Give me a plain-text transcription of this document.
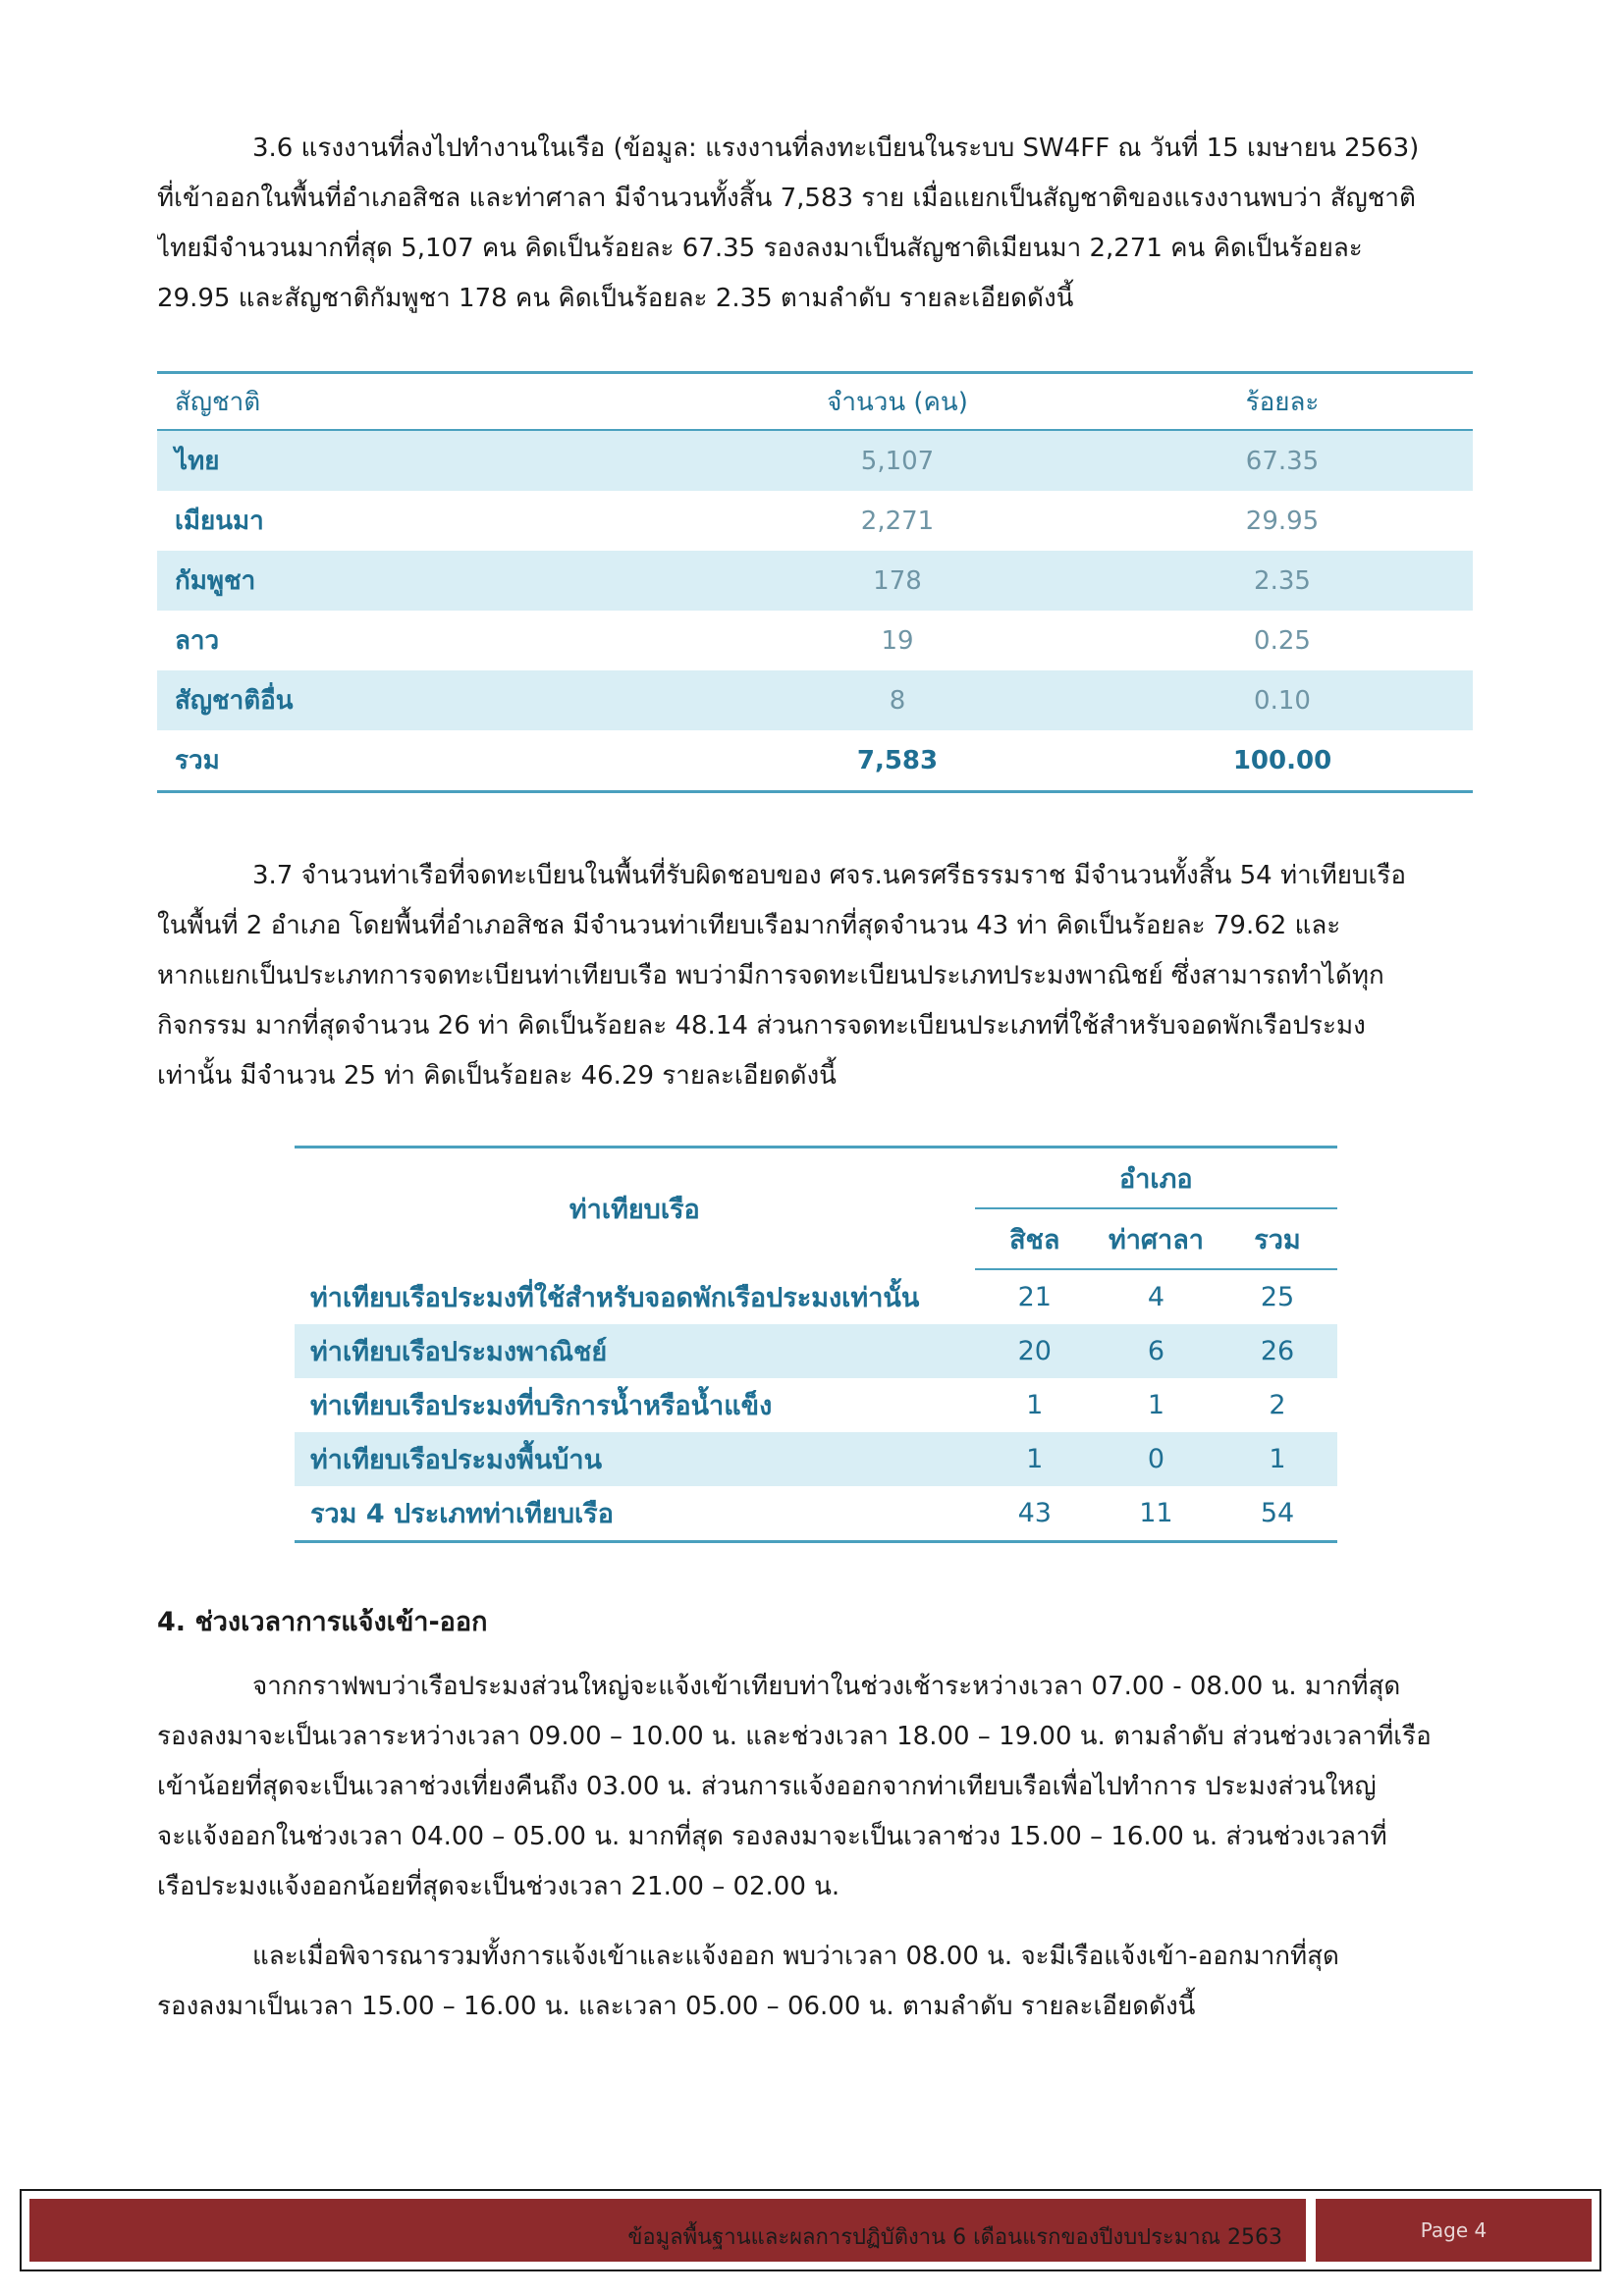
3.6 แรงงานที่ลงไปทำงานในเรือ (ข้อมูล: แรงงานที่ลงทะเบียนในระบบ SW4FF ณ วันที่ 15 เมษายน 2563)
ที่เข้าออกในพื้นที่อำเภอสิชล และท่าศาลา มีจำนวนทั้งสิ้น 7,583 ราย เมื่อแยกเป็นสัญชาติของแรงงานพบว่า สัญชาติ
ไทยมีจำนวนมากที่สุด 5,107 คน คิดเป็นร้อยละ 67.35 รองลงมาเป็นสัญชาติเมียนมา 2,271 คน คิดเป็นร้อยละ
29.95 และสัญชาติกัมพูชา 178 คน คิดเป็นร้อยละ 2.35 ตามลำดับ รายละเอียดดังนี้
สัญชาติ	จำนวน (คน)	ร้อยละ
ไทย	5,107	67.35
เมียนมา	2,271	29.95
กัมพูชา	178	2.35
ลาว	19	0.25
สัญชาติอื่น	8	0.10
รวม	7,583	100.00
3.7 จำนวนท่าเรือที่จดทะเบียนในพื้นที่รับผิดชอบของ ศจร.นครศรีธรรมราช มีจำนวนทั้งสิ้น 54 ท่าเทียบเรือ
ในพื้นที่ 2 อำเภอ โดยพื้นที่อำเภอสิชล มีจำนวนท่าเทียบเรือมากที่สุดจำนวน 43 ท่า คิดเป็นร้อยละ 79.62 และ
หากแยกเป็นประเภทการจดทะเบียนท่าเทียบเรือ พบว่ามีการจดทะเบียนประเภทประมงพาณิชย์ ซึ่งสามารถทำได้ทุก
กิจกรรม มากที่สุดจำนวน 26 ท่า คิดเป็นร้อยละ 48.14 ส่วนการจดทะเบียนประเภทที่ใช้สำหรับจอดพักเรือประมง
เท่านั้น มีจำนวน 25 ท่า คิดเป็นร้อยละ 46.29 รายละเอียดดังนี้
ท่าเทียบเรือ	อำเภอ		
	สิชล	ท่าศาลา	รวม
ท่าเทียบเรือประมงที่ใช้สำหรับจอดพักเรือประมงเท่านั้น	21	4	25
ท่าเทียบเรือประมงพาณิชย์	20	6	26
ท่าเทียบเรือประมงที่บริการน้ำหรือน้ำแข็ง	1	1	2
ท่าเทียบเรือประมงพื้นบ้าน	1	0	1
รวม 4 ประเภทท่าเทียบเรือ	43	11	54
4. ช่วงเวลาการแจ้งเข้า-ออก
จากกราฟพบว่าเรือประมงส่วนใหญ่จะแจ้งเข้าเทียบท่าในช่วงเช้าระหว่างเวลา 07.00 - 08.00 น. มากที่สุด
รองลงมาจะเป็นเวลาระหว่างเวลา 09.00 – 10.00 น. และช่วงเวลา 18.00 – 19.00 น. ตามลำดับ ส่วนช่วงเวลาที่เรือ
เข้าน้อยที่สุดจะเป็นเวลาช่วงเที่ยงคืนถึง 03.00 น. ส่วนการแจ้งออกจากท่าเทียบเรือเพื่อไปทำการ ประมงส่วนใหญ่
จะแจ้งออกในช่วงเวลา 04.00 – 05.00 น. มากที่สุด รองลงมาจะเป็นเวลาช่วง 15.00 – 16.00 น. ส่วนช่วงเวลาที่
เรือประมงแจ้งออกน้อยที่สุดจะเป็นช่วงเวลา 21.00 – 02.00 น.
และเมื่อพิจารณารวมทั้งการแจ้งเข้าและแจ้งออก พบว่าเวลา 08.00 น. จะมีเรือแจ้งเข้า-ออกมากที่สุด
รองลงมาเป็นเวลา 15.00 – 16.00 น. และเวลา 05.00 – 06.00 น. ตามลำดับ รายละเอียดดังนี้
ข้อมูลพื้นฐานและผลการปฏิบัติงาน 6 เดือนแรกของปีงบประมาณ 2563	Page 4
